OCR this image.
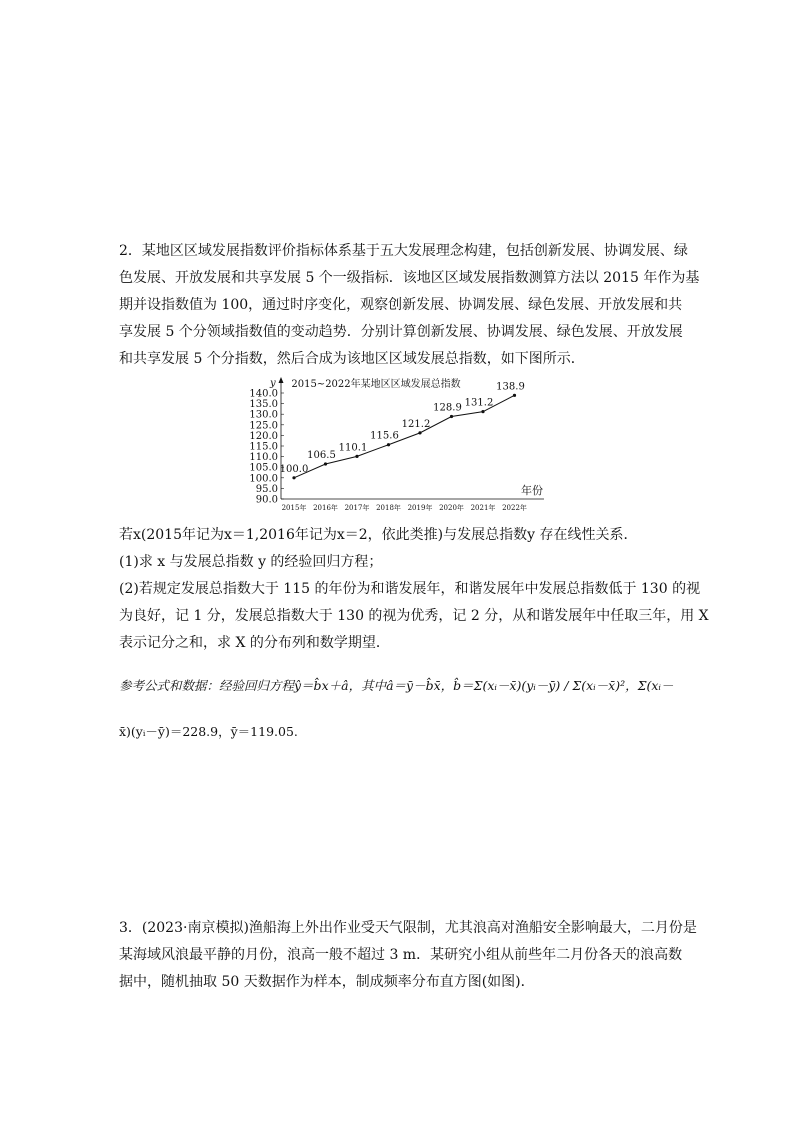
2．某地区区域发展指数评价指标体系基于五大发展理念构建，包括创新发展、协调发展、绿
色发展、开放发展和共享发展 5 个一级指标．该地区区域发展指数测算方法以 2015 年作为基
期并设指数值为 100，通过时序变化，观察创新发展、协调发展、绿色发展、开放发展和共
享发展 5 个分领域指数值的变动趋势．分别计算创新发展、协调发展、绿色发展、开放发展
和共享发展 5 个分指数，然后合成为该地区区域发展总指数，如下图所示．
2015~2022年某地区区域发展总指数
y
年份
90.0
95.0
100.0
105.0
110.0
115.0
120.0
125.0
130.0
135.0
140.0
2015年 2016年 2017年 2018年 2019年 2020年 2021年 2022年
100.0
106.5
110.1
115.6
121.2
128.9 131.2
138.9
若x(2015年记为x＝1,2016年记为x＝2，依此类推)与发展总指数y 存在线性关系．
(1)求 x 与发展总指数 y 的经验回归方程；
(2)若规定发展总指数大于 115 的年份为和谐发展年，和谐发展年中发展总指数低于 130 的视
为良好，记 1 分，发展总指数大于 130 的视为优秀，记 2 分，从和谐发展年中任取三年，用 X
表示记分之和，求 X 的分布列和数学期望．
参考公式和数据：经验回归方程ŷ＝b̂x＋â，其中â＝ȳ－b̂x̄，b̂＝Σ(xᵢ－x̄)(yᵢ－ȳ) / Σ(xᵢ－x̄)²，Σ(xᵢ－
x̄)(yᵢ－ȳ)＝228.9，ȳ＝119.05.
3．(2023·南京模拟)渔船海上外出作业受天气限制，尤其浪高对渔船安全影响最大，二月份是
某海域风浪最平静的月份，浪高一般不超过 3 m．某研究小组从前些年二月份各天的浪高数
据中，随机抽取 50 天数据作为样本，制成频率分布直方图(如图)．
